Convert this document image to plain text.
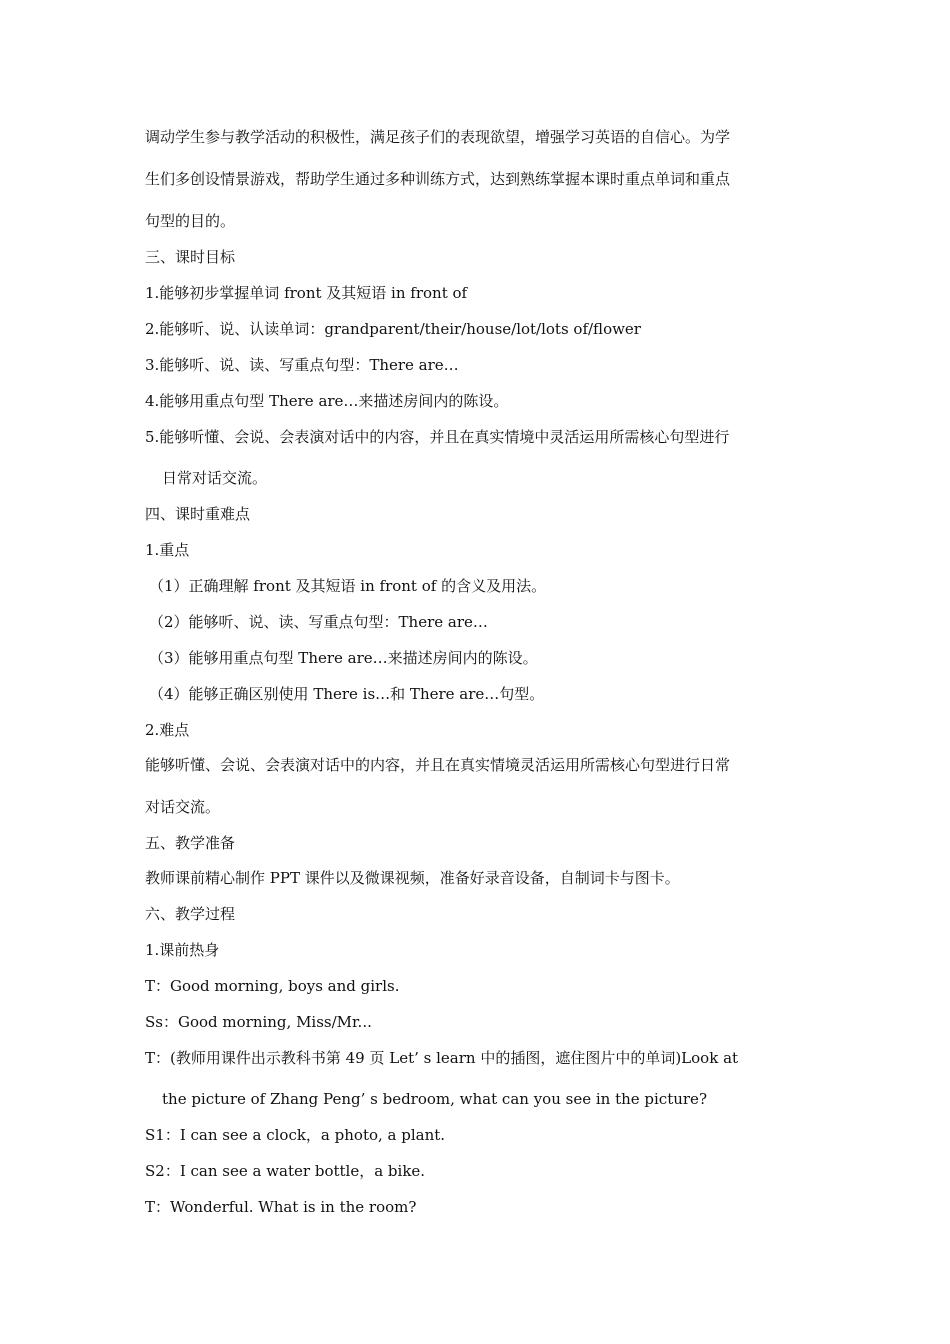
调动学生参与教学活动的积极性，满足孩子们的表现欲望，增强学习英语的自信心。为学
生们多创设情景游戏，帮助学生通过多种训练方式，达到熟练掌握本课时重点单词和重点
句型的目的。
三、课时目标
1.能够初步掌握单词 front 及其短语 in front of
2.能够听、说、认读单词：grandparent/their/house/lot/lots of/flower
3.能够听、说、读、写重点句型：There are…
4.能够用重点句型 There are…来描述房间内的陈设。
5.能够听懂、会说、会表演对话中的内容，并且在真实情境中灵活运用所需核心句型进行
日常对话交流。
四、课时重难点
1.重点
（1）正确理解 front 及其短语 in front of 的含义及用法。
（2）能够听、说、读、写重点句型：There are…
（3）能够用重点句型 There are…来描述房间内的陈设。
（4）能够正确区别使用 There is…和 There are…句型。
2.难点
能够听懂、会说、会表演对话中的内容，并且在真实情境灵活运用所需核心句型进行日常
对话交流。
五、教学准备
教师课前精心制作 PPT 课件以及微课视频，准备好录音设备，自制词卡与图卡。
六、教学过程
1.课前热身
T：Good morning, boys and girls.
Ss：Good morning, Miss/Mr...
T：(教师用课件出示教科书第 49 页 Let’ s learn 中的插图，遮住图片中的单词)Look at
the picture of Zhang Peng’ s bedroom, what can you see in the picture?
S1：I can see a clock，a photo, a plant.
S2：I can see a water bottle，a bike.
T：Wonderful. What is in the room?
